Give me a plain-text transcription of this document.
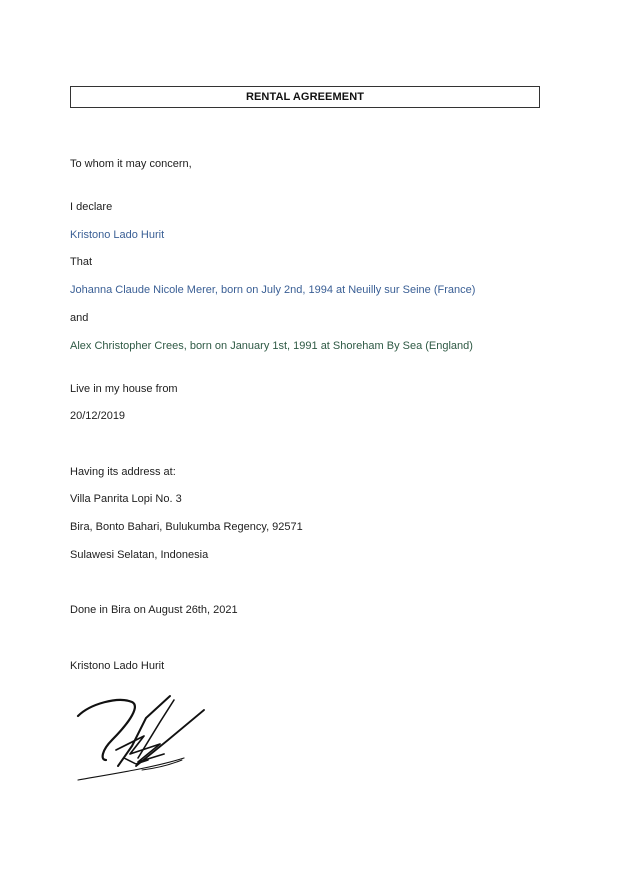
RENTAL AGREEMENT
To whom it may concern,
I declare
Kristono Lado Hurit
That
Johanna Claude Nicole Merer, born on July 2nd, 1994 at Neuilly sur Seine (France)
and
Alex Christopher Crees, born on January 1st, 1991 at Shoreham By Sea (England)
Live in my house from
20/12/2019
Having its address at:
Villa Panrita Lopi No. 3
Bira, Bonto Bahari, Bulukumba Regency, 92571
Sulawesi Selatan, Indonesia
Done in Bira on August 26th, 2021
Kristono Lado Hurit
